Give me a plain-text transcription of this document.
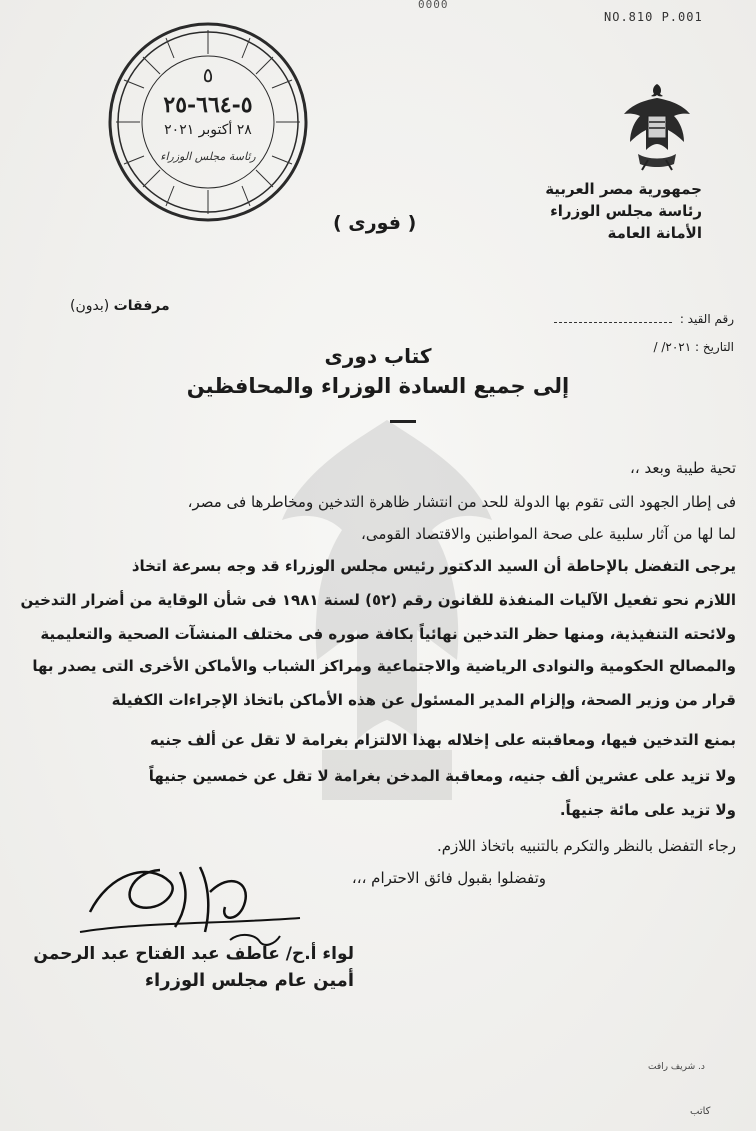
0000
NO.810 P.001
٥
٥-٦٦٤-٢٥
٢٨ أكتوبر ٢٠٢١
رئاسة مجلس الوزراء
جمهورية مصر العربية
رئاسة مجلس الوزراء
الأمانة العامة
( فورى )
مرفقات (بدون)
رقم القيد :
التاريخ : ٢٠٢١/ /
كتاب دورى
إلى جميع السادة الوزراء والمحافظين
تحية طيبة وبعد ،،
فى إطار الجهود التى تقوم بها الدولة للحد من انتشار ظاهرة التدخين ومخاطرها فى مصر،
لما لها من آثار سلبية على صحة المواطنين والاقتصاد القومى،
يرجى التفضل بالإحاطة أن السيد الدكتور رئيس مجلس الوزراء قد وجه بسرعة اتخاذ
اللازم نحو تفعيل الآليات المنفذة للقانون رقم (٥٢) لسنة ١٩٨١ فى شأن الوقاية من أضرار التدخين
ولائحته التنفيذية، ومنها حظر التدخين نهائياً بكافة صوره فى مختلف المنشآت الصحية والتعليمية
والمصالح الحكومية والنوادى الرياضية والاجتماعية ومراكز الشباب والأماكن الأخرى التى يصدر بها
قرار من وزير الصحة، وإلزام المدير المسئول عن هذه الأماكن باتخاذ الإجراءات الكفيلة
بمنع التدخين فيها، ومعاقبته على إخلاله بهذا الالتزام بغرامة لا تقل عن ألف جنيه
ولا تزيد على عشرين ألف جنيه، ومعاقبة المدخن بغرامة لا تقل عن خمسين جنيهاً
ولا تزيد على مائة جنيهاً.
رجاء التفضل بالنظر والتكرم بالتنبيه باتخاذ اللازم.
وتفضلوا بقبول فائق الاحترام ،،،
لواء أ.ح/ عاطف عبد الفتاح عبد الرحمن
أمين عام مجلس الوزراء
د. شريف رافت
كاتب
